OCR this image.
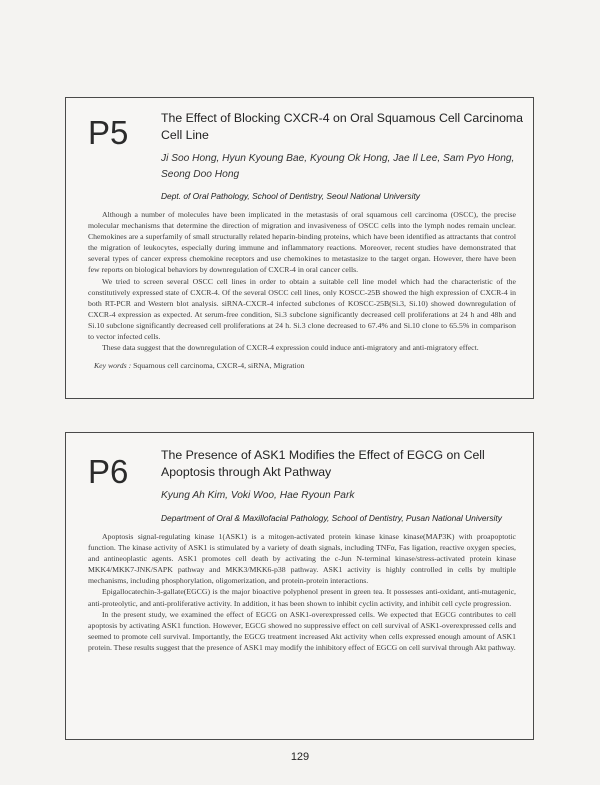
P5	The Effect of Blocking CXCR-4 on Oral Squamous Cell Carcinoma Cell Line

Ji Soo Hong, Hyun Kyoung Bae, Kyoung Ok Hong, Jae Il Lee, Sam Pyo Hong, Seong Doo Hong

Dept. of Oral Pathology, School of Dentistry, Seoul National University

Although a number of molecules have been implicated in the metastasis of oral squamous cell carcinoma (OSCC), the precise molecular mechanisms that determine the direction of migration and invasiveness of OSCC cells into the lymph nodes remain unclear. Chemokines are a superfamily of small structurally related heparin-binding proteins, which have been identified as attractants that control the migration of leukocytes, especially during immune and inflammatory reactions. Moreover, recent studies have demonstrated that several types of cancer express chemokine receptors and use chemokines to metastasize to the target organ. However, there have been few reports on biological behaviors by downregulation of CXCR-4 in oral cancer cells.

We tried to screen several OSCC cell lines in order to obtain a suitable cell line model which had the characteristic of the constitutively expressed state of CXCR-4. Of the several OSCC cell lines, only KOSCC-25B showed the high expression of CXCR-4 in both RT-PCR and Western blot analysis. siRNA-CXCR-4 infected subclones of KOSCC-25B(Si.3, Si.10) showed downregulation of CXCR-4 expression as expected. At serum-free condition, Si.3 subclone significantly decreased cell proliferations at 24 h and 48h and Si.10 subclone significantly decreased cell proliferations at 24 h. Si.3 clone decreased to 67.4% and Si.10 clone to 65.5% in comparison to vector infected cells.

These data suggest that the downregulation of CXCR-4 expression could induce anti-migratory and anti-migratory effect.

Key words : Squamous cell carcinoma, CXCR-4, siRNA, Migration

P6	The Presence of ASK1 Modifies the Effect of EGCG on Cell Apoptosis through Akt Pathway

Kyung Ah Kim, Voki Woo, Hae Ryoun Park

Department of Oral & Maxillofacial Pathology, School of Dentistry, Pusan National University

Apoptosis signal-regulating kinase 1(ASK1) is a mitogen-activated protein kinase kinase kinase(MAP3K) with proapoptotic function. The kinase activity of ASK1 is stimulated by a variety of death signals, including TNFα, Fas ligation, reactive oxygen species, and antineoplastic agents. ASK1 promotes cell death by activating the c-Jun N-terminal kinase/stress-activated protein kinase MKK4/MKK7-JNK/SAPK pathway and MKK3/MKK6-p38 pathway. ASK1 activity is highly controlled in cells by multiple mechanisms, including phosphorylation, oligomerization, and protein-protein interactions.

Epigallocatechin-3-gallate(EGCG) is the major bioactive polyphenol present in green tea. It possesses anti-oxidant, anti-mutagenic, anti-proteolytic, and anti-proliferative activity. In addition, it has been shown to inhibit cyclin activity, and inhibit cell cycle progression.

In the present study, we examined the effect of EGCG on ASK1-overexpressed cells. We expected that EGCG contributes to cell apoptosis by activating ASK1 function. However, EGCG showed no suppressive effect on cell survival of ASK1-overexpressed cells and seemed to promote cell survival. Importantly, the EGCG treatment increased Akt activity when cells expressed enough amount of ASK1 protein. These results suggest that the presence of ASK1 may modify the inhibitory effect of EGCG on cell survival through Akt pathway.

129
